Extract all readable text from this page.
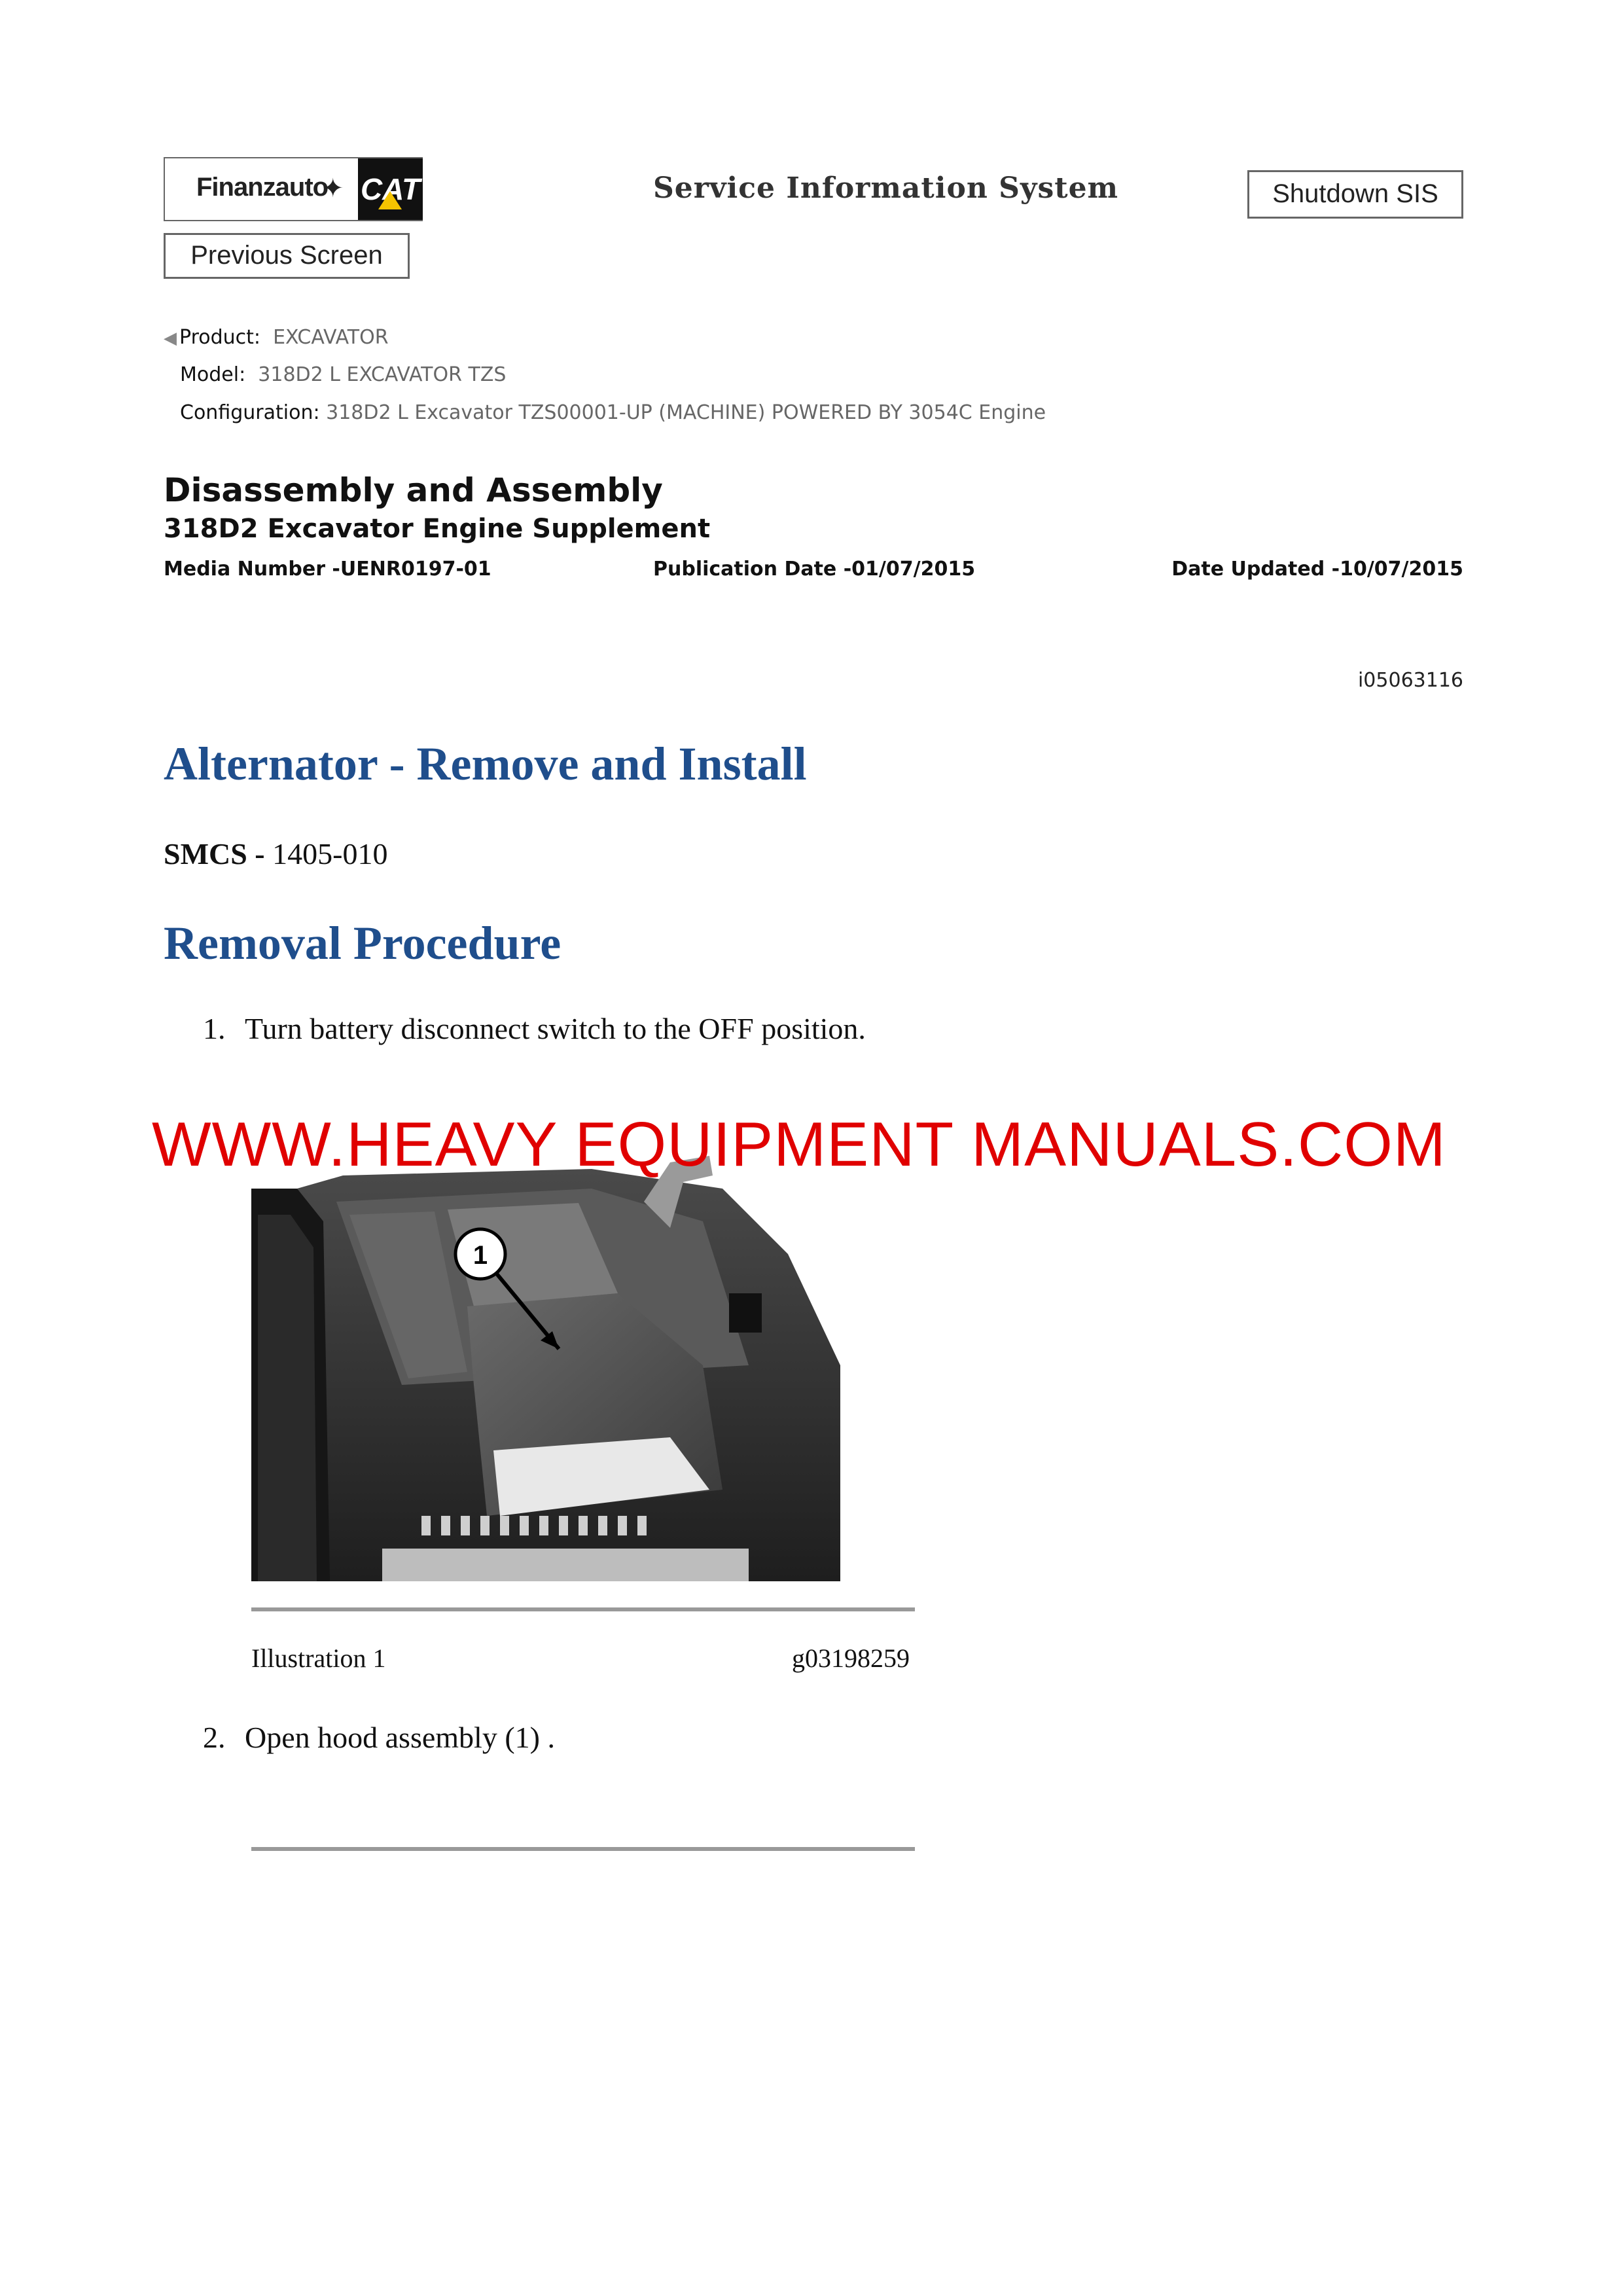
Finanzauto
✦ CAT
Previous Screen
Service Information System	Shutdown SIS
◀ Product: EXCAVATOR
Model: 318D2 L EXCAVATOR TZS
Configuration: 318D2 L Excavator TZS00001-UP (MACHINE) POWERED BY 3054C Engine
Disassembly and Assembly
318D2 Excavator Engine Supplement
Media Number -UENR0197-01	Publication Date -01/07/2015	Date Updated -10/07/2015
i05063116
Alternator - Remove and Install
SMCS - 1405-010
Removal Procedure
1. Turn battery disconnect switch to the OFF position.
1
WWW.HEAVY EQUIPMENT MANUALS.COM
Illustration 1	g03198259
2. Open hood assembly (1) .
